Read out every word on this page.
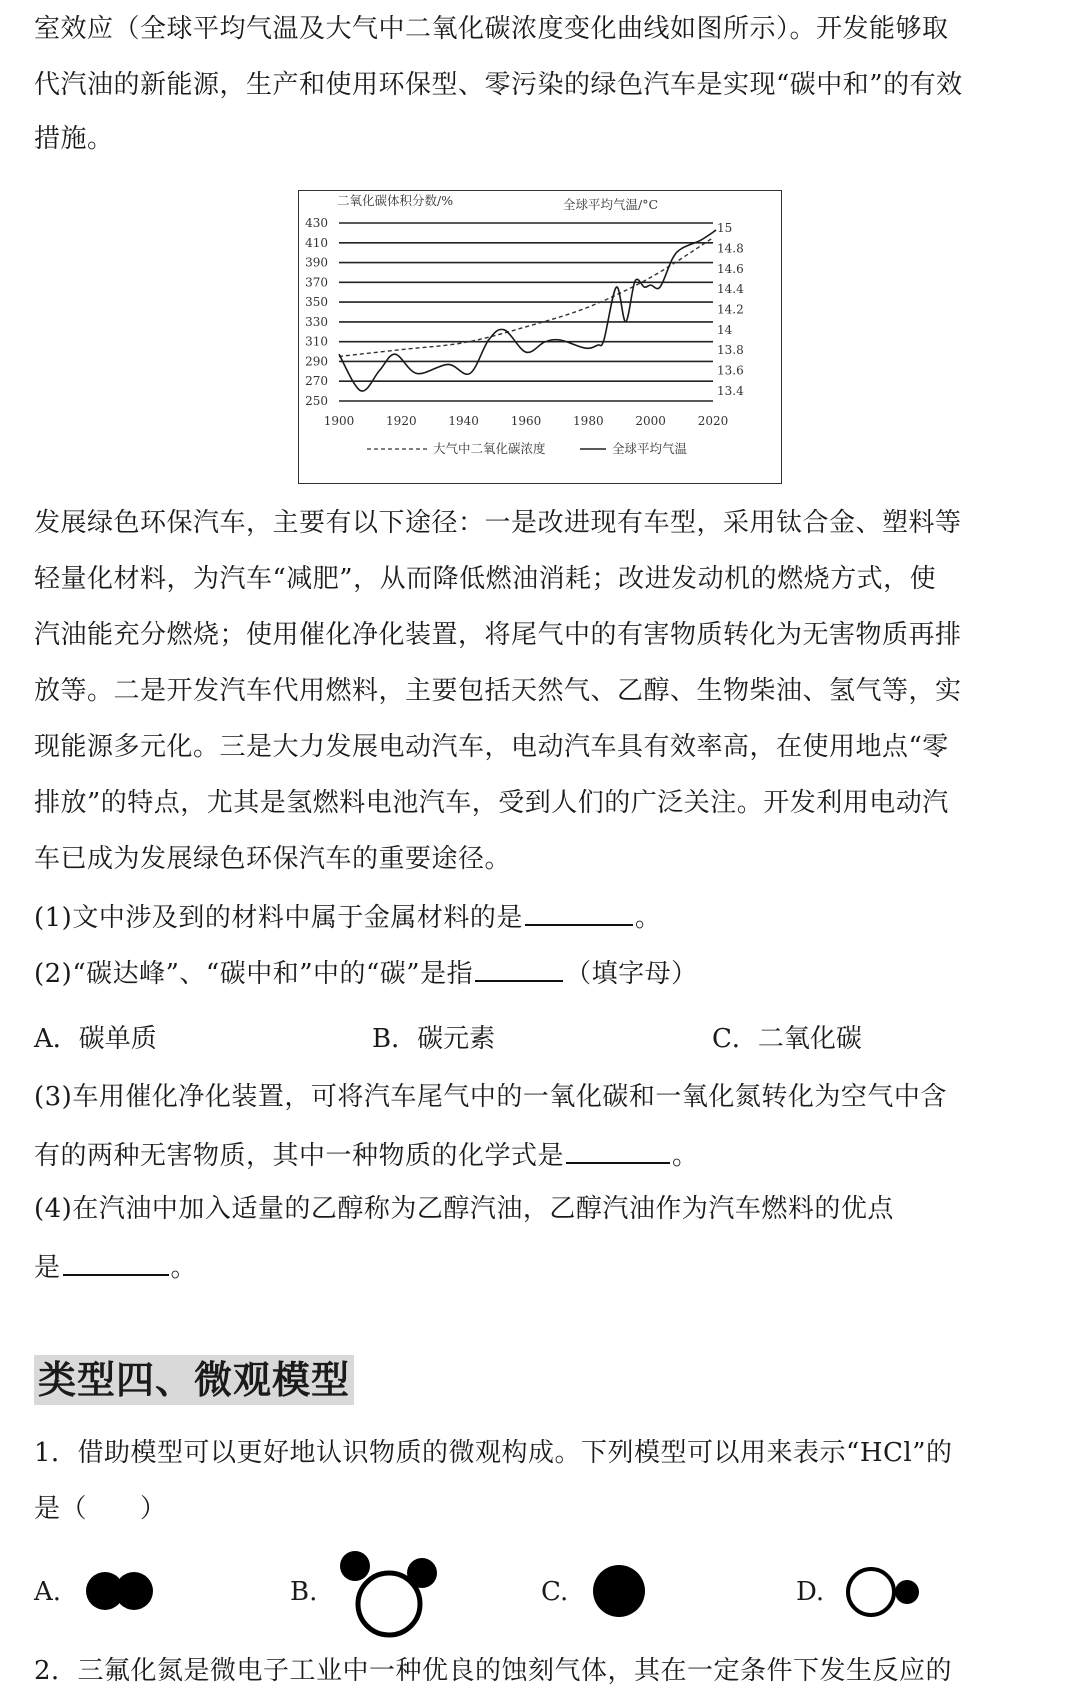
室效应（全球平均气温及大气中二氧化碳浓度变化曲线如图所示）。开发能够取
代汽油的新能源，生产和使用环保型、零污染的绿色汽车是实现“碳中和”的有效
措施。
二氧化碳体积分数/%	全球平均气温/°C
430
410
390
370
350
330
310
290
270
250
15
14.8
14.6
14.4
14.2
14
13.8
13.6
13.4
1900	1920	1940	1960	1980	2000	2020
大气中二氧化碳浓度	全球平均气温
发展绿色环保汽车，主要有以下途径：一是改进现有车型，采用钛合金、塑料等
轻量化材料，为汽车“减肥”，从而降低燃油消耗；改进发动机的燃烧方式，使
汽油能充分燃烧；使用催化净化装置，将尾气中的有害物质转化为无害物质再排
放等。二是开发汽车代用燃料，主要包括天然气、乙醇、生物柴油、氢气等，实
现能源多元化。三是大力发展电动汽车，电动汽车具有效率高，在使用地点“零
排放”的特点，尤其是氢燃料电池汽车，受到人们的广泛关注。开发利用电动汽
车已成为发展绿色环保汽车的重要途径。
(1)文中涉及到的材料中属于金属材料的是	。
(2)“碳达峰”、“碳中和”中的“碳”是指	（填字母）
A．碳单质	B．碳元素	C．二氧化碳
(3)车用催化净化装置，可将汽车尾气中的一氧化碳和一氧化氮转化为空气中含
有的两种无害物质，其中一种物质的化学式是	。
(4)在汽油中加入适量的乙醇称为乙醇汽油，乙醇汽油作为汽车燃料的优点
是	。
类型四、微观模型
1．借助模型可以更好地认识物质的微观构成。下列模型可以用来表示“HCl”的
是（　　）
A.	B.	C.	D.
2．三氟化氮是微电子工业中一种优良的蚀刻气体，其在一定条件下发生反应的
